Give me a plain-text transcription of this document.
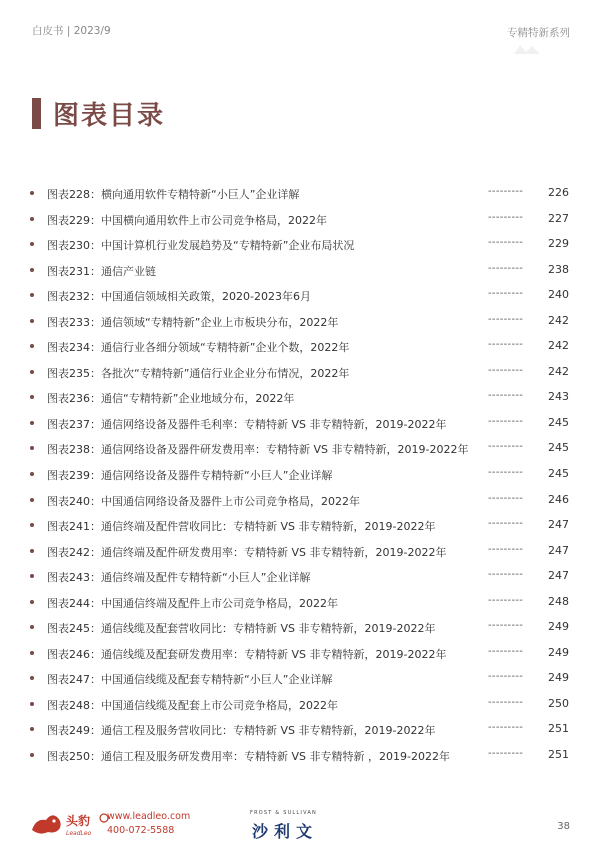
白皮书 | 2023/9	专精特新系列
图表目录
图表228：横向通用软件专精特新“小巨人”企业详解	--------- 226
图表229：中国横向通用软件上市公司竞争格局，2022年	--------- 227
图表230：中国计算机行业发展趋势及“专精特新”企业布局状况	--------- 229
图表231：通信产业链	--------- 238
图表232：中国通信领域相关政策，2020-2023年6月	--------- 240
图表233：通信领域“专精特新”企业上市板块分布，2022年	--------- 242
图表234：通信行业各细分领域“专精特新”企业个数，2022年	--------- 242
图表235：各批次“专精特新”通信行业企业分布情况，2022年	--------- 242
图表236：通信“专精特新”企业地域分布，2022年	--------- 243
图表237：通信网络设备及器件毛利率：专精特新 VS 非专精特新，2019-2022年	--------- 245
图表238：通信网络设备及器件研发费用率：专精特新 VS 非专精特新，2019-2022年 --------- 245
图表239：通信网络设备及器件专精特新“小巨人”企业详解	--------- 245
图表240：中国通信网络设备及器件上市公司竞争格局，2022年	--------- 246
图表241：通信终端及配件营收同比：专精特新 VS 非专精特新，2019-2022年	--------- 247
图表242：通信终端及配件研发费用率：专精特新 VS 非专精特新，2019-2022年	--------- 247
图表243：通信终端及配件专精特新“小巨人”企业详解	--------- 247
图表244：中国通信终端及配件上市公司竞争格局，2022年	--------- 248
图表245：通信线缆及配套营收同比：专精特新 VS 非专精特新，2019-2022年	--------- 249
图表246：通信线缆及配套研发费用率：专精特新 VS 非专精特新，2019-2022年	--------- 249
图表247：中国通信线缆及配套专精特新“小巨人”企业详解	--------- 249
图表248：中国通信线缆及配套上市公司竞争格局，2022年	--------- 250
图表249：通信工程及服务营收同比：专精特新 VS 非专精特新，2019-2022年	--------- 251
图表250：通信工程及服务研发费用率：专精特新 VS 非专精特新 ，2019-2022年	--------- 251
头豹
LeadLeo
www.leadleo.com
400-072-5588
FROST & SULLIVAN
沙利文	38
